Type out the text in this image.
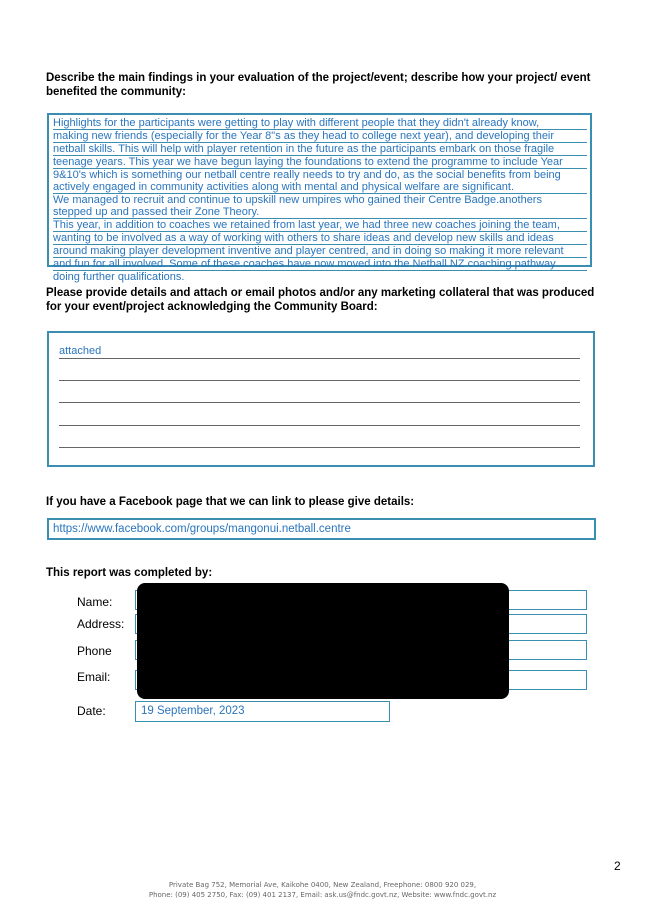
Describe the main findings in your evaluation of the project/event; describe how your project/ event benefited the community:
Highlights for the participants were getting to play with different people that they didn't already know,
making new friends (especially for the Year 8"s as they head to college next year), and developing their
netball skills. This will help with player retention in the future as the participants embark on those fragile
teenage years. This year we have begun laying the foundations to extend the programme to include Year
9&10's which is something our netball centre really needs to try and do, as the social benefits from being
actively engaged in community activities along with mental and physical welfare are significant.
We managed to recruit and continue to upskill new umpires who gained their Centre Badge.anothers
stepped up and passed their Zone Theory.
This year, in addition to coaches we retained from last year, we had three new coaches joining the team,
wanting to be involved as a way of working with others to share ideas and develop new skills and ideas
around making player development inventive and player centred, and in doing so making it more relevant
and fun for all involved. Some of these coaches have now moved into the Netball NZ coaching pathway
doing further qualifications.
Please provide details and attach or email photos and/or any marketing collateral that was produced for your event/project acknowledging the Community Board:
attached
If you have a Facebook page that we can link to please give details:
https://www.facebook.com/groups/mangonui.netball.centre
This report was completed by:
Name:
Address:
Phone
Email:
Date:	19 September, 2023
2
Private Bag 752, Memorial Ave, Kaikohe 0400, New Zealand, Freephone: 0800 920 029,
Phone: (09) 405 2750, Fax: (09) 401 2137, Email: ask.us@fndc.govt.nz, Website: www.fndc.govt.nz
